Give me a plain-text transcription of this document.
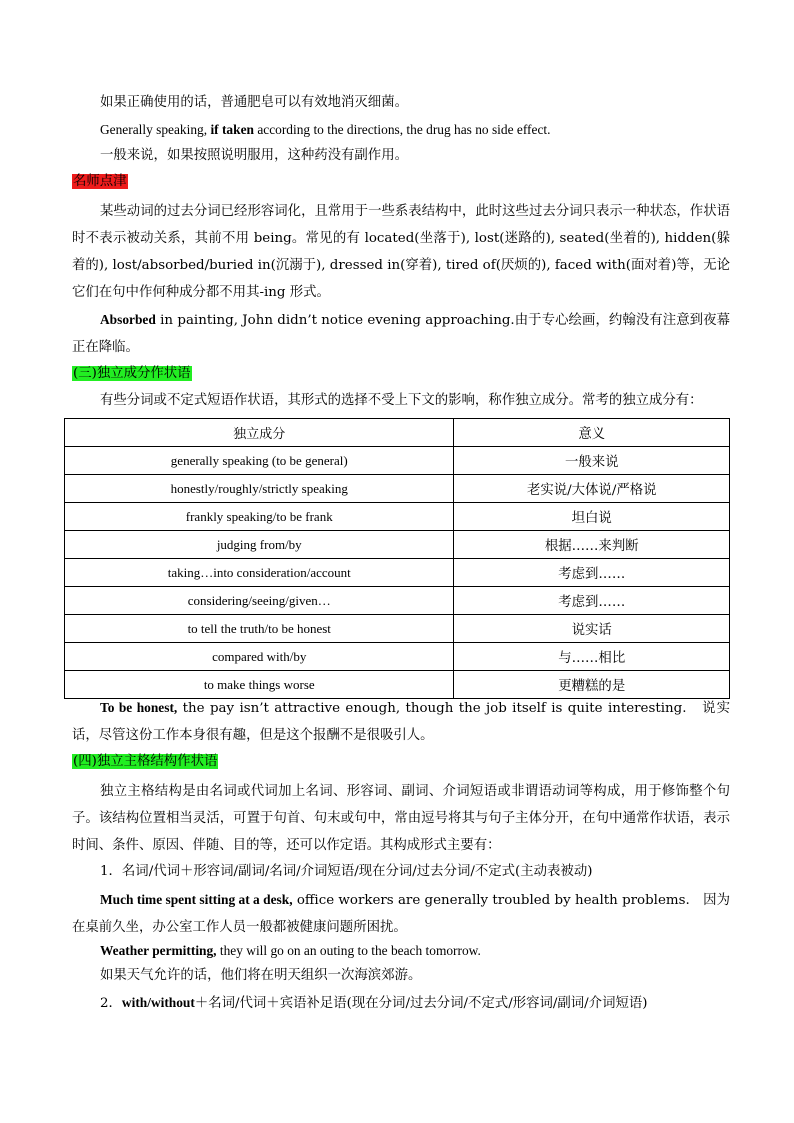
如果正确使用的话，普通肥皂可以有效地消灭细菌。
Generally speaking, if taken according to the directions, the drug has no side effect.
一般来说，如果按照说明服用，这种药没有副作用。
名师点津
某些动词的过去分词已经形容词化，且常用于一些系表结构中，此时这些过去分词只表示一种状态，作状语时不表示被动关系，其前不用 being。常见的有 located(坐落于), lost(迷路的), seated(坐着的), hidden(躲着的), lost/absorbed/buried in(沉溺于), dressed in(穿着), tired of(厌烦的), faced with(面对着)等，无论它们在句中作何种成分都不用其-ing 形式。
Absorbed in painting, John didn’t notice evening approaching.由于专心绘画，约翰没有注意到夜幕正在降临。
(三)独立成分作状语
有些分词或不定式短语作状语，其形式的选择不受上下文的影响，称作独立成分。常考的独立成分有：
独立成分	意义
generally speaking (to be general)	一般来说
honestly/roughly/strictly speaking	老实说/大体说/严格说
frankly speaking/to be frank	坦白说
judging from/by	根据……来判断
taking…into consideration/account	考虑到……
considering/seeing/given…	考虑到……
to tell the truth/to be honest	说实话
compared with/by	与……相比
to make things worse	更糟糕的是
To be honest, the pay isn’t attractive enough, though the job itself is quite interesting.　说实话，尽管这份工作本身很有趣，但是这个报酬不是很吸引人。
(四)独立主格结构作状语
独立主格结构是由名词或代词加上名词、形容词、副词、介词短语或非谓语动词等构成，用于修饰整个句子。该结构位置相当灵活，可置于句首、句末或句中，常由逗号将其与句子主体分开，在句中通常作状语，表示时间、条件、原因、伴随、目的等，还可以作定语。其构成形式主要有：
1．名词/代词＋形容词/副词/名词/介词短语/现在分词/过去分词/不定式(主动表被动)
Much time spent sitting at a desk, office workers are generally troubled by health problems.　因为在桌前久坐，办公室工作人员一般都被健康问题所困扰。
Weather permitting, they will go on an outing to the beach tomorrow.
如果天气允许的话，他们将在明天组织一次海滨郊游。
2．with/without＋名词/代词＋宾语补足语(现在分词/过去分词/不定式/形容词/副词/介词短语)
